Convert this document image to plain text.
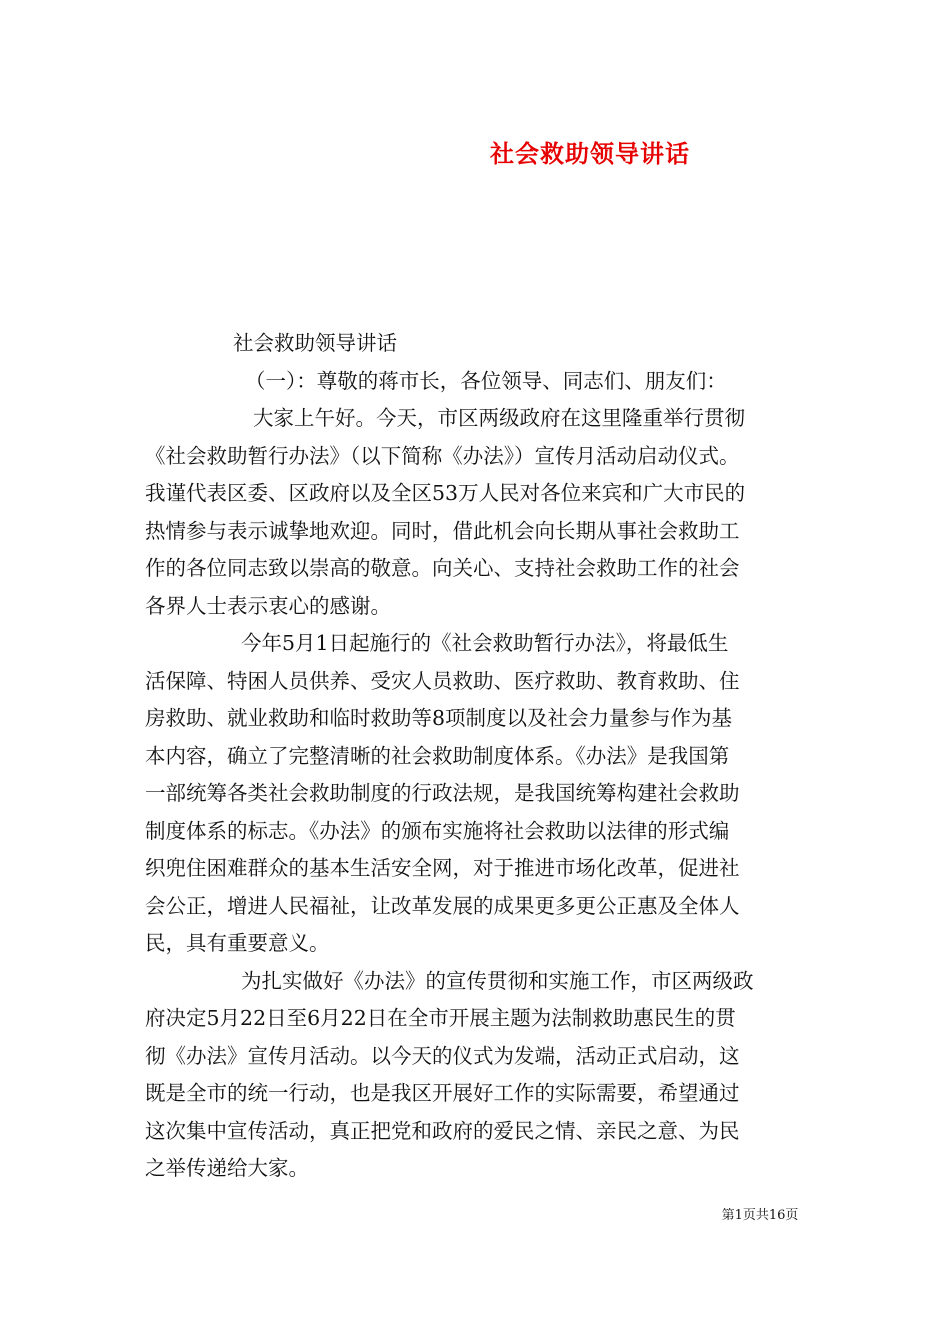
社会救助领导讲话
社会救助领导讲话
（一）：尊敬的蒋市长，各位领导、同志们、朋友们：
大家上午好。今天，市区两级政府在这里隆重举行贯彻
《社会救助暂行办法》（以下简称《办法》）宣传月活动启动仪式。
我谨代表区委、区政府以及全区53万人民对各位来宾和广大市民的
热情参与表示诚挚地欢迎。同时，借此机会向长期从事社会救助工
作的各位同志致以崇高的敬意。向关心、支持社会救助工作的社会
各界人士表示衷心的感谢。
今年5月1日起施行的《社会救助暂行办法》，将最低生
活保障、特困人员供养、受灾人员救助、医疗救助、教育救助、住
房救助、就业救助和临时救助等8项制度以及社会力量参与作为基
本内容，确立了完整清晰的社会救助制度体系。《办法》是我国第
一部统筹各类社会救助制度的行政法规，是我国统筹构建社会救助
制度体系的标志。《办法》的颁布实施将社会救助以法律的形式编
织兜住困难群众的基本生活安全网，对于推进市场化改革，促进社
会公正，增进人民福祉，让改革发展的成果更多更公正惠及全体人
民，具有重要意义。
为扎实做好《办法》的宣传贯彻和实施工作，市区两级政
府决定5月22日至6月22日在全市开展主题为法制救助惠民生的贯
彻《办法》宣传月活动。以今天的仪式为发端，活动正式启动，这
既是全市的统一行动，也是我区开展好工作的实际需要，希望通过
这次集中宣传活动，真正把党和政府的爱民之情、亲民之意、为民
之举传递给大家。

第1页共16页
